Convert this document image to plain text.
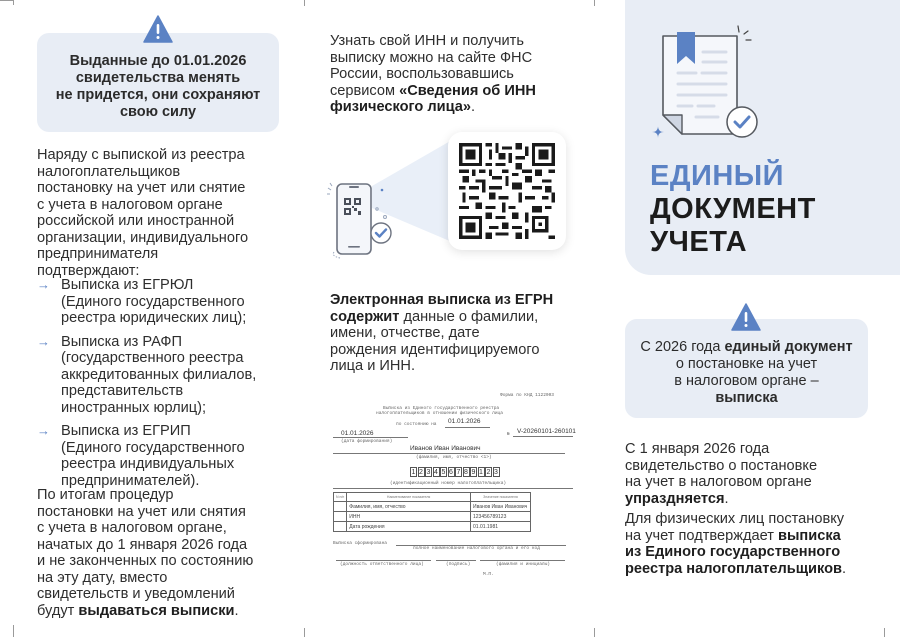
Выданные до 01.01.2026
свидетельства менять
не придется, они сохраняют
свою силу
Наряду с выпиской из реестра
налогоплательщиков
постановку на учет или снятие
с учета в налоговом органе
российской или иностранной
организации, индивидуального
предпринимателя
подтверждают:
→ Выписка из ЕГРЮЛ
(Единого государственного
реестра юридических лиц);
→ Выписка из РАФП
(государственного реестра
аккредитованных филиалов,
представительств
иностранных юрлиц);
→ Выписка из ЕГРИП
(Единого государственного
реестра индивидуальных
предпринимателей).
По итогам процедур
постановки на учет или снятия
с учета в налоговом органе,
начатых до 1 января 2026 года
и не законченных по состоянию
на эту дату, вместо
свидетельств и уведомлений
будут выдаваться выписки.
Узнать свой ИНН и получить
выписку можно на сайте ФНС
России, воспользовавшись
сервисом «Сведения об ИНН
физического лица».
Электронная выписка из ЕГРН
содержит данные о фамилии,
имени, отчестве, дате
рождения идентифицируемого
лица и ИНН.
Форма по КНД 1122003
Выписка из Единого государственного реестра
налогоплательщиков в отношении физического лица
по состоянию на 01.01.2026
01.01.2026
(дата формирования)
№ V-20260101-260101
Иванов Иван Иванович
(фамилия, имя, отчество <1>)
1 2 3 4 5 6 7 8 9 1 2 3
(идентификационный номер налогоплательщика)
N п/п	Наименование показателя	Значение показателя
	Фамилия, имя, отчество	Иванов Иван Иванович
	ИНН	123456789123
	Дата рождения	01.01.1981
Выписка сформирована
полное наименование налогового органа и его код
(должность ответственного лица)	(подпись)	(фамилия и инициалы)
М.П.
ЕДИНЫЙ
ДОКУМЕНТ
УЧЕТА
С 2026 года единый документ
о постановке на учет
в налоговом органе –
выписка
С 1 января 2026 года
свидетельство о постановке
на учет в налоговом органе
упраздняется.
Для физических лиц постановку
на учет подтверждает выписка
из Единого государственного
реестра налогоплательщиков.
